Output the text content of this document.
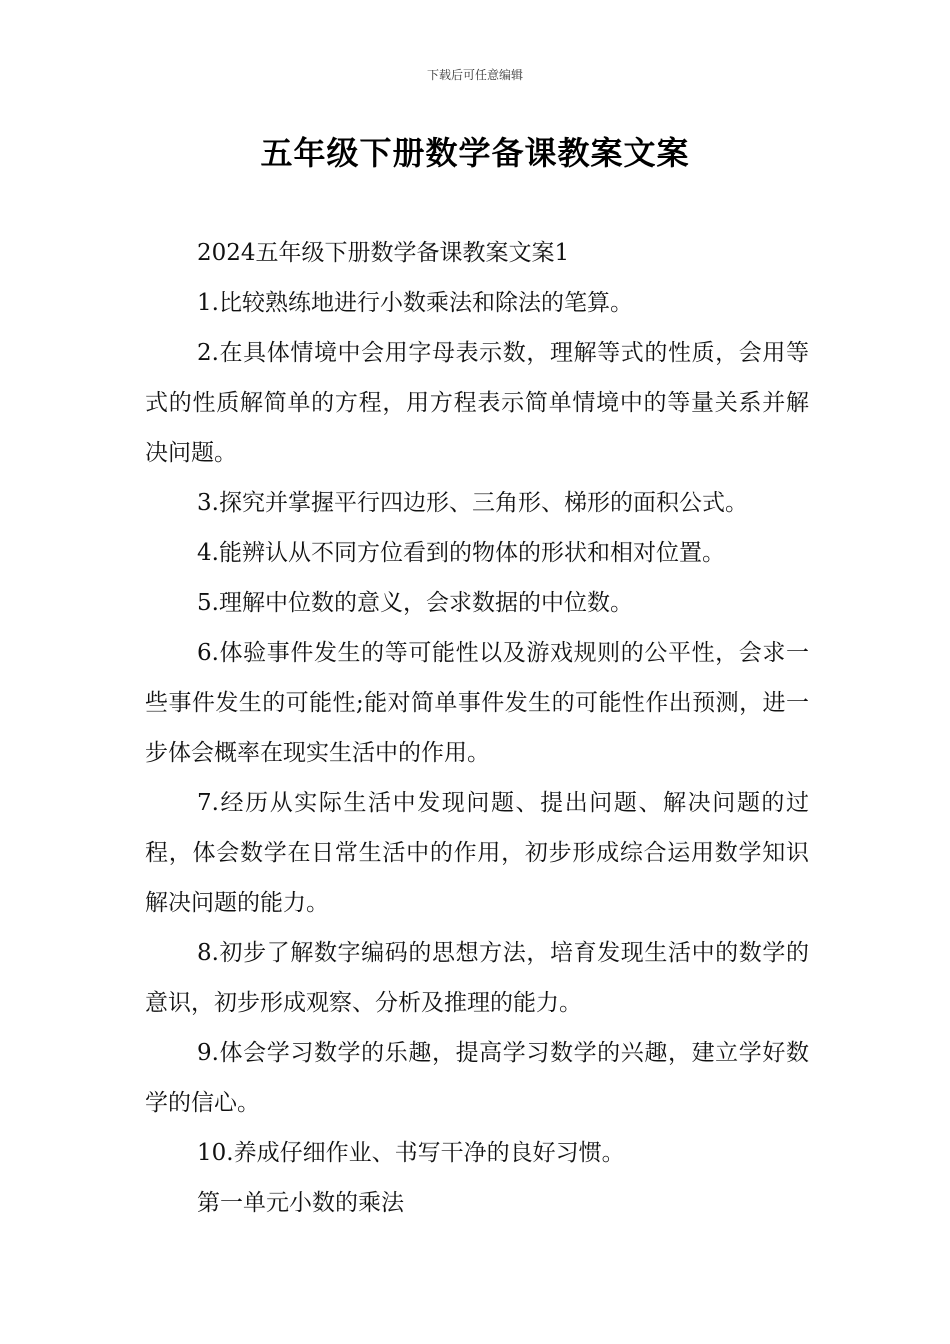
下载后可任意编辑
五年级下册数学备课教案文案

2024五年级下册数学备课教案文案1

1.比较熟练地进行小数乘法和除法的笔算。

2.在具体情境中会用字母表示数，理解等式的性质，会用等式的性质解简单的方程，用方程表示简单情境中的等量关系并解决问题。

3.探究并掌握平行四边形、三角形、梯形的面积公式。

4.能辨认从不同方位看到的物体的形状和相对位置。

5.理解中位数的意义，会求数据的中位数。

6.体验事件发生的等可能性以及游戏规则的公平性，会求一些事件发生的可能性;能对简单事件发生的可能性作出预测，进一步体会概率在现实生活中的作用。

7.经历从实际生活中发现问题、提出问题、解决问题的过程，体会数学在日常生活中的作用，初步形成综合运用数学知识解决问题的能力。

8.初步了解数字编码的思想方法，培育发现生活中的数学的意识，初步形成观察、分析及推理的能力。

9.体会学习数学的乐趣，提高学习数学的兴趣，建立学好数学的信心。

10.养成仔细作业、书写干净的良好习惯。

第一单元小数的乘法
